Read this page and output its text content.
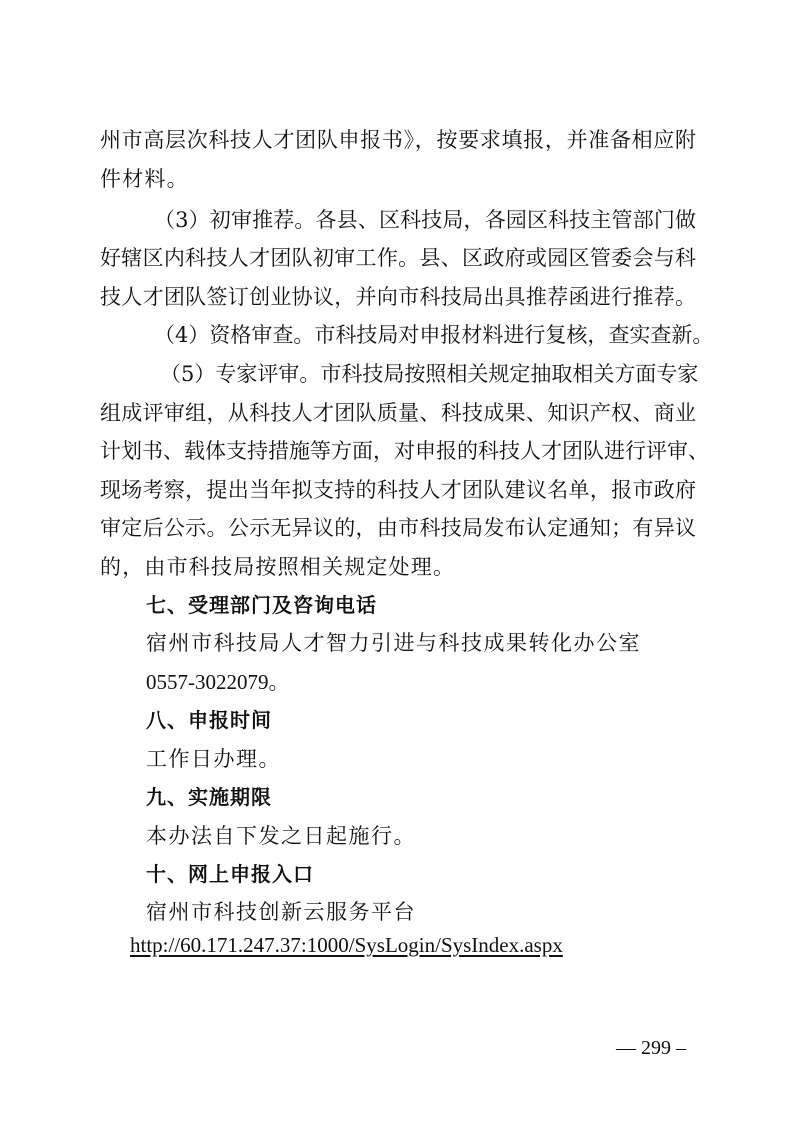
州市高层次科技人才团队申报书》，按要求填报，并准备相应附
件材料。
（3）初审推荐。各县、区科技局，各园区科技主管部门做
好辖区内科技人才团队初审工作。县、区政府或园区管委会与科
技人才团队签订创业协议，并向市科技局出具推荐函进行推荐。
（4）资格审查。市科技局对申报材料进行复核，查实查新。
（5）专家评审。市科技局按照相关规定抽取相关方面专家
组成评审组，从科技人才团队质量、科技成果、知识产权、商业
计划书、载体支持措施等方面，对申报的科技人才团队进行评审、
现场考察，提出当年拟支持的科技人才团队建议名单，报市政府
审定后公示。公示无异议的，由市科技局发布认定通知；有异议
的，由市科技局按照相关规定处理。
七、受理部门及咨询电话
宿州市科技局人才智力引进与科技成果转化办公室
0557-3022079。
八、申报时间
工作日办理。
九、实施期限
本办法自下发之日起施行。
十、网上申报入口
宿州市科技创新云服务平台
http://60.171.247.37:1000/SysLogin/SysIndex.aspx
— 299 –
